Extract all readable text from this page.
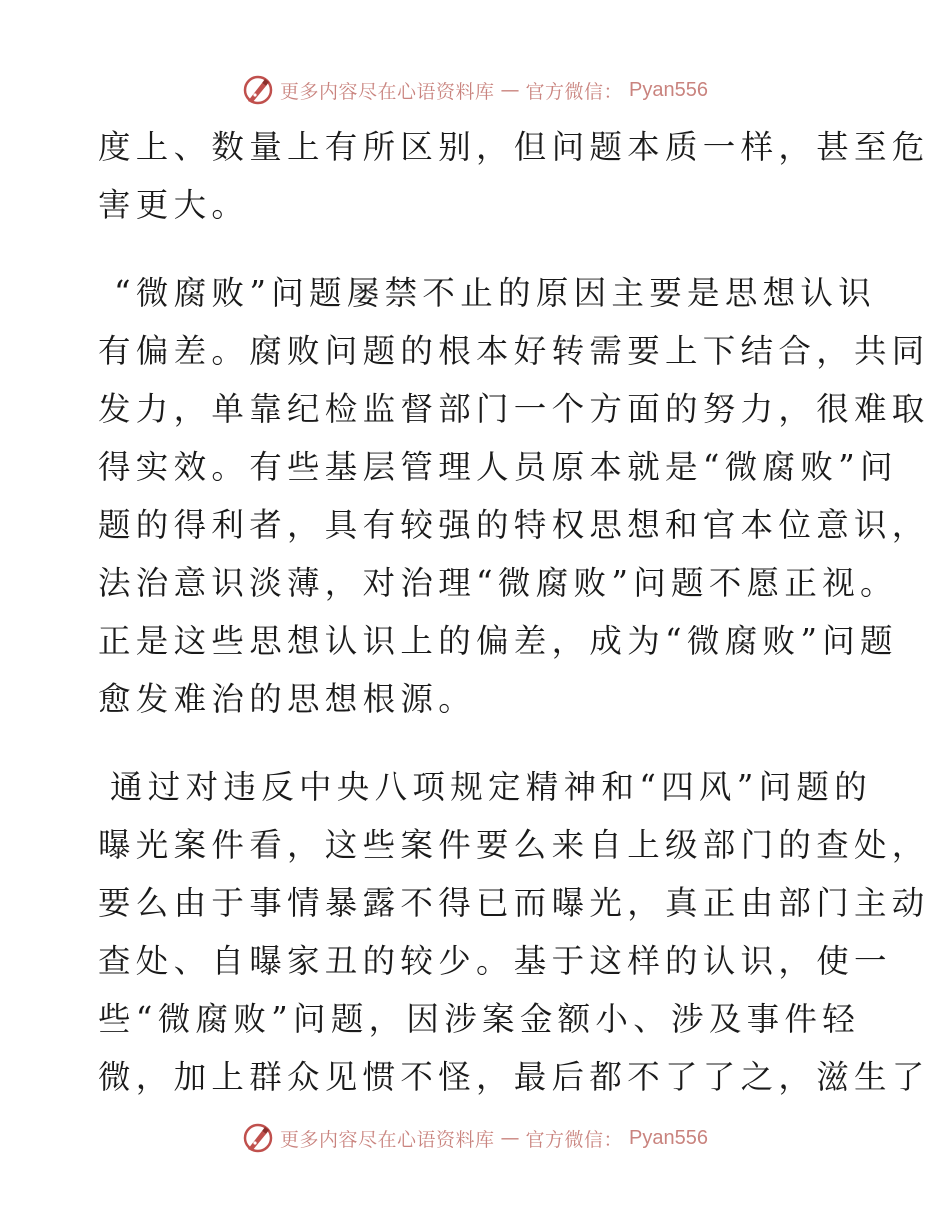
更多内容尽在心语资料库 — 官方微信： Pyan556
度上、数量上有所区别，但问题本质一样，甚至危
害更大。
“微腐败”问题屡禁不止的原因主要是思想认识
有偏差。腐败问题的根本好转需要上下结合，共同
发力，单靠纪检监督部门一个方面的努力，很难取
得实效。有些基层管理人员原本就是“微腐败”问
题的得利者，具有较强的特权思想和官本位意识，
法治意识淡薄，对治理“微腐败”问题不愿正视。
正是这些思想认识上的偏差，成为“微腐败”问题
愈发难治的思想根源。
通过对违反中央八项规定精神和“四风”问题的
曝光案件看，这些案件要么来自上级部门的查处，
要么由于事情暴露不得已而曝光，真正由部门主动
查处、自曝家丑的较少。基于这样的认识，使一
些“微腐败”问题，因涉案金额小、涉及事件轻
微，加上群众见惯不怪，最后都不了了之，滋生了
更多内容尽在心语资料库 — 官方微信： Pyan556
